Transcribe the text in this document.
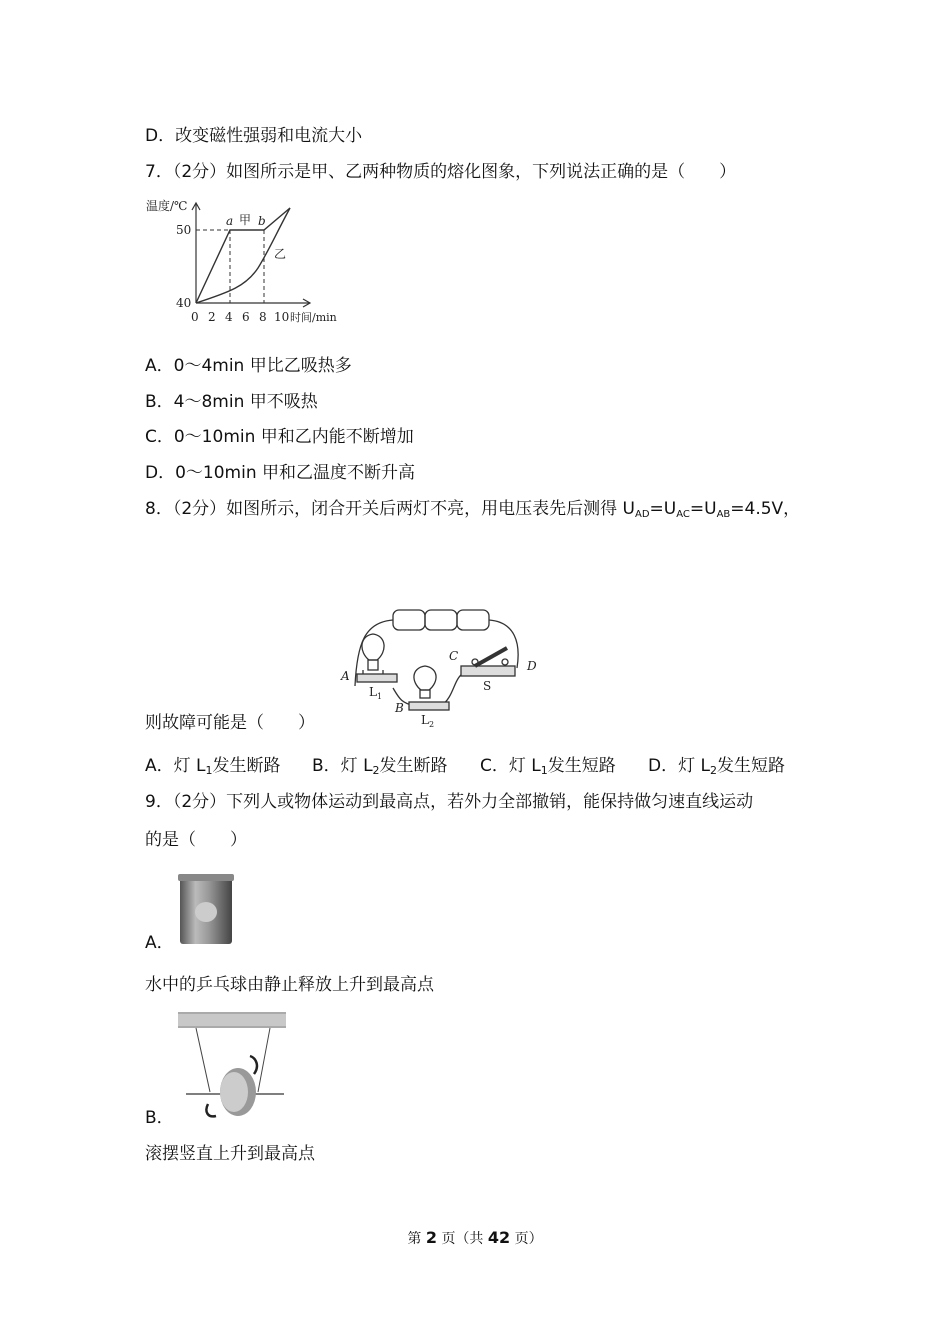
D．改变磁性强弱和电流大小
7．（2分）如图所示是甲、乙两种物质的熔化图象，下列说法正确的是（　　）
温度/℃
50
40
0 2 4 6 8 10 时间/min
a 甲 b
乙
A．0～4min 甲比乙吸热多
B．4～8min 甲不吸热
C．0～10min 甲和乙内能不断增加
D．0～10min 甲和乙温度不断升高
8．（2分）如图所示，闭合开关后两灯不亮，用电压表先后测得 $U_{AD}=U_{AC}=U_{AB}=4.5V$，
A
B
C
D
S
$L_1$
$L_2$
则故障可能是（　　）
A．灯 $L_1$发生断路 B．灯 $L_2$发生断路 C．灯 $L_1$发生短路 D．灯 $L_2$发生短路
9．（2分）下列人或物体运动到最高点，若外力全部撤销，能保持做匀速直线运动
的是（　　）
A．
水中的乒乓球由静止释放上升到最高点
B．
滚摆竖直上升到最高点
第 2 页（共 42 页）
